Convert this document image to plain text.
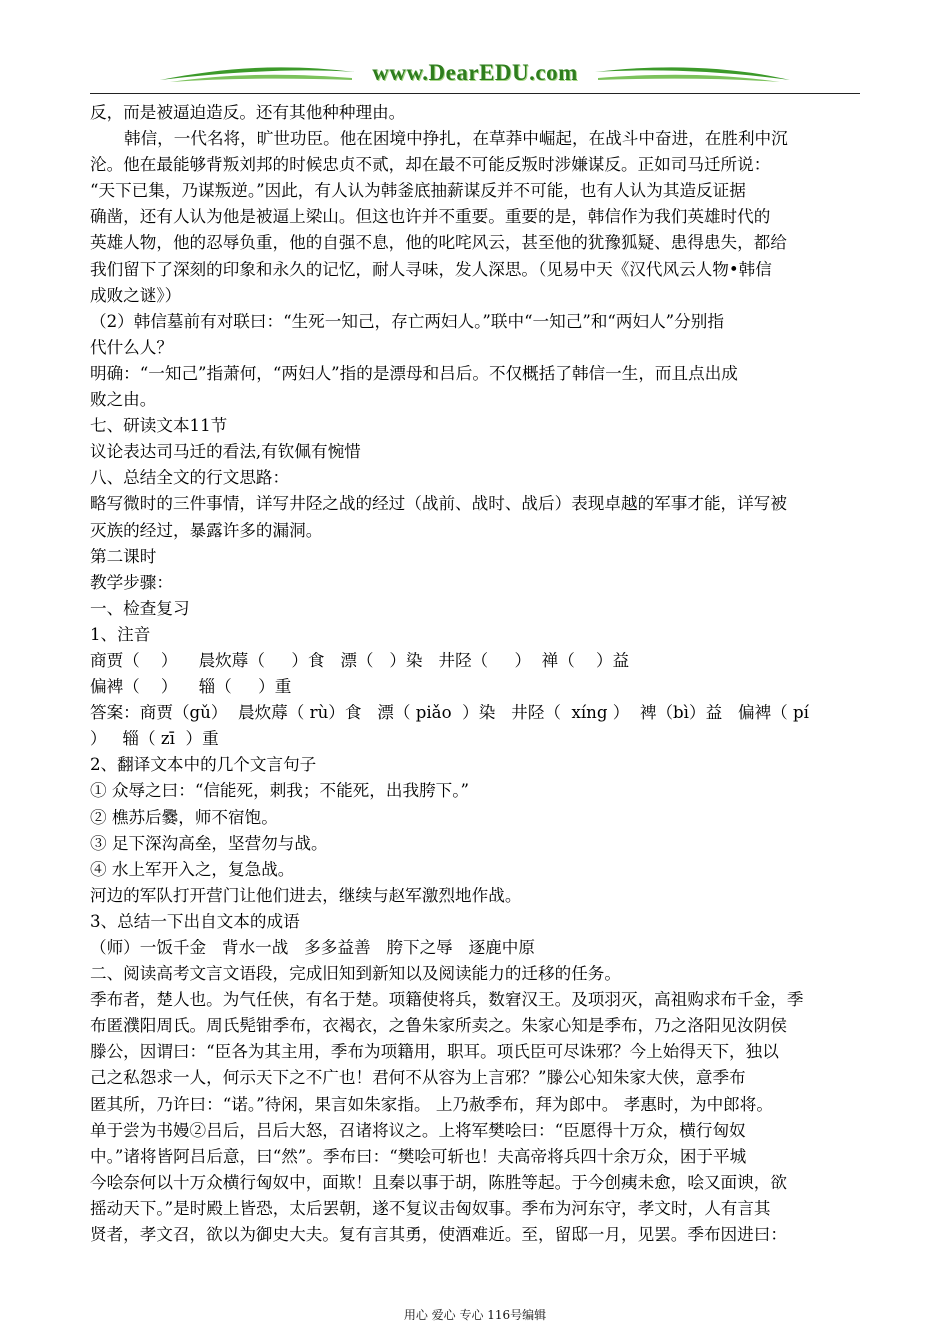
www.DearEDU.com

反，而是被逼迫造反。还有其他种种理由。

韩信，一代名将，旷世功臣。他在困境中挣扎，在草莽中崛起，在战斗中奋进，在胜利中沉

沦。他在最能够背叛刘邦的时候忠贞不贰，却在最不可能反叛时涉嫌谋反。正如司马迁所说：

“天下已集，乃谋叛逆。”因此，有人认为韩釜底抽薪谋反并不可能，也有人认为其造反证据

确凿，还有人认为他是被逼上梁山。但这也许并不重要。重要的是，韩信作为我们英雄时代的

英雄人物，他的忍辱负重，他的自强不息，他的叱咤风云，甚至他的犹豫狐疑、患得患失，都给

我们留下了深刻的印象和永久的记忆，耐人寻味，发人深思。（见易中天《汉代风云人物•韩信

成败之谜》）

（2）韩信墓前有对联曰：“生死一知己，存亡两妇人。”联中“一知己”和“两妇人”分别指

代什么人？

明确：“一知己”指萧何，“两妇人”指的是漂母和吕后。不仅概括了韩信一生，而且点出成

败之由。

七、研读文本11节

议论表达司马迁的看法,有钦佩有惋惜

八、总结全文的行文思路：

略写微时的三件事情，详写井陉之战的经过（战前、战时、战后）表现卓越的军事才能，详写被

灭族的经过，暴露许多的漏洞。

第二课时

教学步骤：

一、检查复习

1、注音

商贾（    ）    晨炊蓐（     ）食   漂（   ）染   井陉（     ）  禅（    ）益

偏裨（    ）    辎（     ）重

答案：商贾（gǔ）  晨炊蓐（ rù）食   漂（ piǎo  ）染   井陉（  xíng ）  裨（bì）益   偏裨（ pí

）   辎（ zī  ）重

2、翻译文本中的几个文言句子

① 众辱之曰：“信能死，刺我；不能死，出我胯下。”

② 樵苏后爨，师不宿饱。

③ 足下深沟高垒，坚营勿与战。

④ 水上军开入之，复急战。

河边的军队打开营门让他们进去，继续与赵军激烈地作战。

3、总结一下出自文本的成语

（师）一饭千金   背水一战   多多益善   胯下之辱   逐鹿中原

二、阅读高考文言文语段，完成旧知到新知以及阅读能力的迁移的任务。

季布者，楚人也。为气任侠，有名于楚。项籍使将兵，数窘汉王。及项羽灭，高祖购求布千金，季

布匿濮阳周氏。周氏髡钳季布，衣褐衣，之鲁朱家所卖之。朱家心知是季布，乃之洛阳见汝阴侯

滕公，因谓曰：“臣各为其主用，季布为项籍用，职耳。项氏臣可尽诛邪？今上始得天下，独以

己之私怨求一人，何示天下之不广也！君何不从容为上言邪？”滕公心知朱家大侠，意季布

匿其所，乃许曰：“诺。”待闲，果言如朱家指。 上乃赦季布，拜为郎中。 孝惠时，为中郎将。

单于尝为书嫚②吕后，吕后大怒，召诸将议之。上将军樊哙曰：“臣愿得十万众，横行匈奴

中。”诸将皆阿吕后意，曰“然”。季布曰：“樊哙可斩也！夫高帝将兵四十余万众，困于平城

今哙奈何以十万众横行匈奴中，面欺！且秦以事于胡，陈胜等起。于今创痍未愈，哙又面谀，欲

摇动天下。”是时殿上皆恐，太后罢朝，遂不复议击匈奴事。季布为河东守，孝文时，人有言其

贤者，孝文召，欲以为御史大夫。复有言其勇，使酒难近。至，留邸一月，见罢。季布因进曰：

用心 爱心 专心 116号编辑
